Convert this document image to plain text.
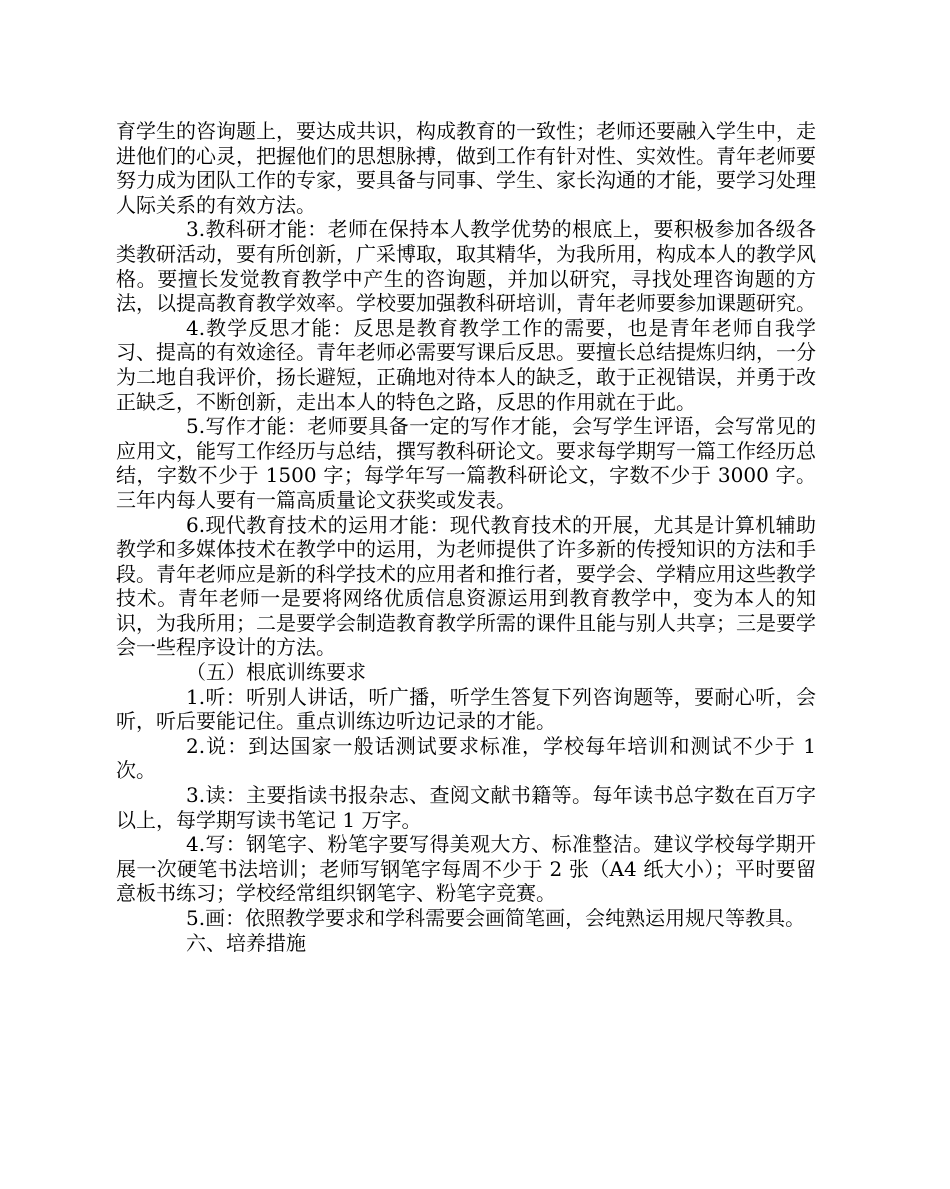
育学生的咨询题上，要达成共识，构成教育的一致性；老师还要融入学生中，走进他们的心灵，把握他们的思想脉搏，做到工作有针对性、实效性。青年老师要努力成为团队工作的专家，要具备与同事、学生、家长沟通的才能，要学习处理人际关系的有效方法。

3.教科研才能：老师在保持本人教学优势的根底上，要积极参加各级各类教研活动，要有所创新，广采博取，取其精华，为我所用，构成本人的教学风格。要擅长发觉教育教学中产生的咨询题，并加以研究，寻找处理咨询题的方法，以提高教育教学效率。学校要加强教科研培训，青年老师要参加课题研究。

4.教学反思才能：反思是教育教学工作的需要，也是青年老师自我学习、提高的有效途径。青年老师必需要写课后反思。要擅长总结提炼归纳，一分为二地自我评价，扬长避短，正确地对待本人的缺乏，敢于正视错误，并勇于改正缺乏，不断创新，走出本人的特色之路，反思的作用就在于此。

5.写作才能：老师要具备一定的写作才能，会写学生评语，会写常见的应用文，能写工作经历与总结，撰写教科研论文。要求每学期写一篇工作经历总结，字数不少于 1500 字；每学年写一篇教科研论文，字数不少于 3000 字。三年内每人要有一篇高质量论文获奖或发表。

6.现代教育技术的运用才能：现代教育技术的开展，尤其是计算机辅助教学和多媒体技术在教学中的运用，为老师提供了许多新的传授知识的方法和手段。青年老师应是新的科学技术的应用者和推行者，要学会、学精应用这些教学技术。青年老师一是要将网络优质信息资源运用到教育教学中，变为本人的知识，为我所用；二是要学会制造教育教学所需的课件且能与别人共享；三是要学会一些程序设计的方法。

（五）根底训练要求

1.听：听别人讲话，听广播，听学生答复下列咨询题等，要耐心听，会听，听后要能记住。重点训练边听边记录的才能。

2.说：到达国家一般话测试要求标准，学校每年培训和测试不少于 1 次。

3.读：主要指读书报杂志、查阅文献书籍等。每年读书总字数在百万字以上，每学期写读书笔记 1 万字。

4.写：钢笔字、粉笔字要写得美观大方、标准整洁。建议学校每学期开展一次硬笔书法培训；老师写钢笔字每周不少于 2 张（A4 纸大小）；平时要留意板书练习；学校经常组织钢笔字、粉笔字竞赛。

5.画：依照教学要求和学科需要会画简笔画，会纯熟运用规尺等教具。

六、培养措施
